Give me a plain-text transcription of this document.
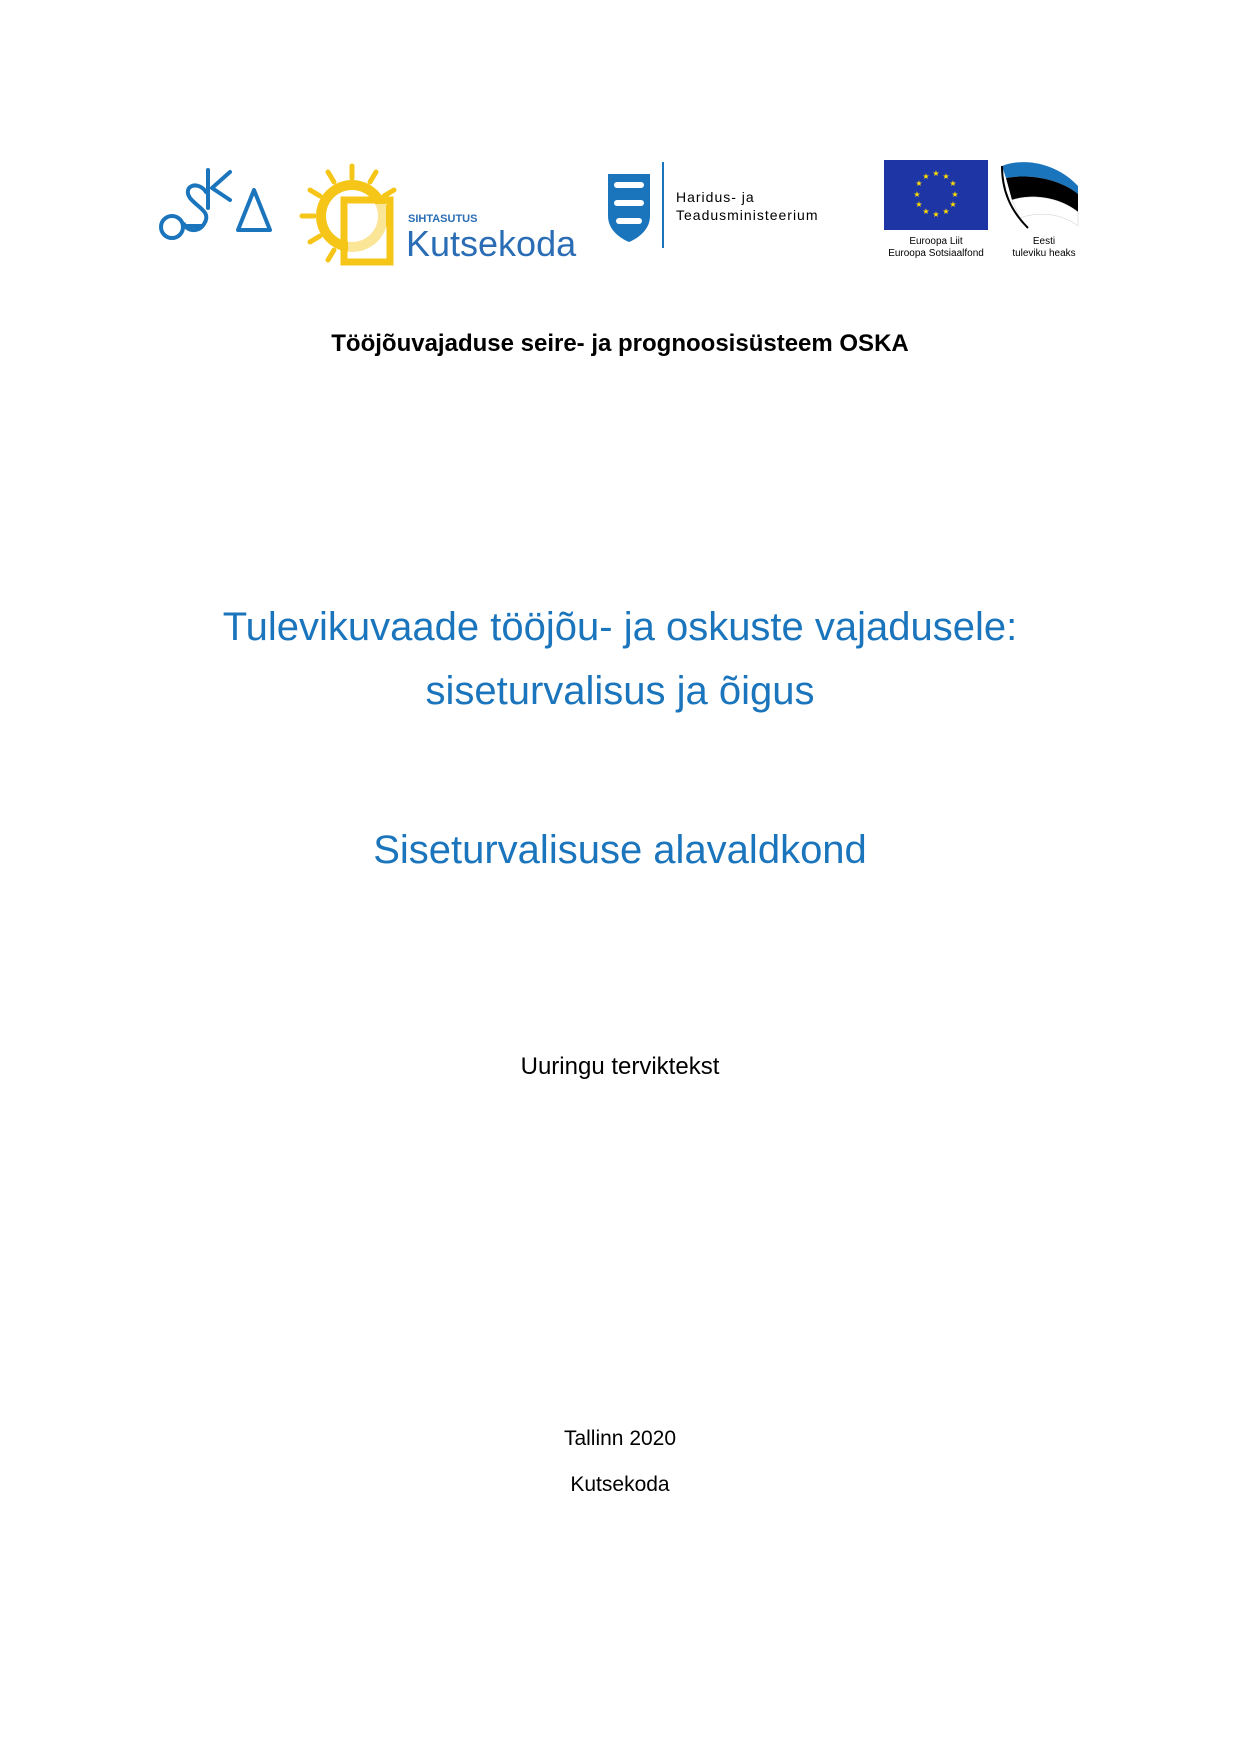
SIHTASUTUS
Kutsekoda
Haridus- ja
Teadusministeerium
★ ★
★
★
★
★
★
★
★
★
★
★
Euroopa Liit
Euroopa Sotsiaalfond
Eesti
tuleviku heaks

Tööjõuvajaduse seire- ja prognoosisüsteem OSKA

Tulevikuvaade tööjõu- ja oskuste vajadusele:

siseturvalisus ja õigus

Siseturvalisuse alavaldkond

Uuringu terviktekst

Tallinn 2020

Kutsekoda
